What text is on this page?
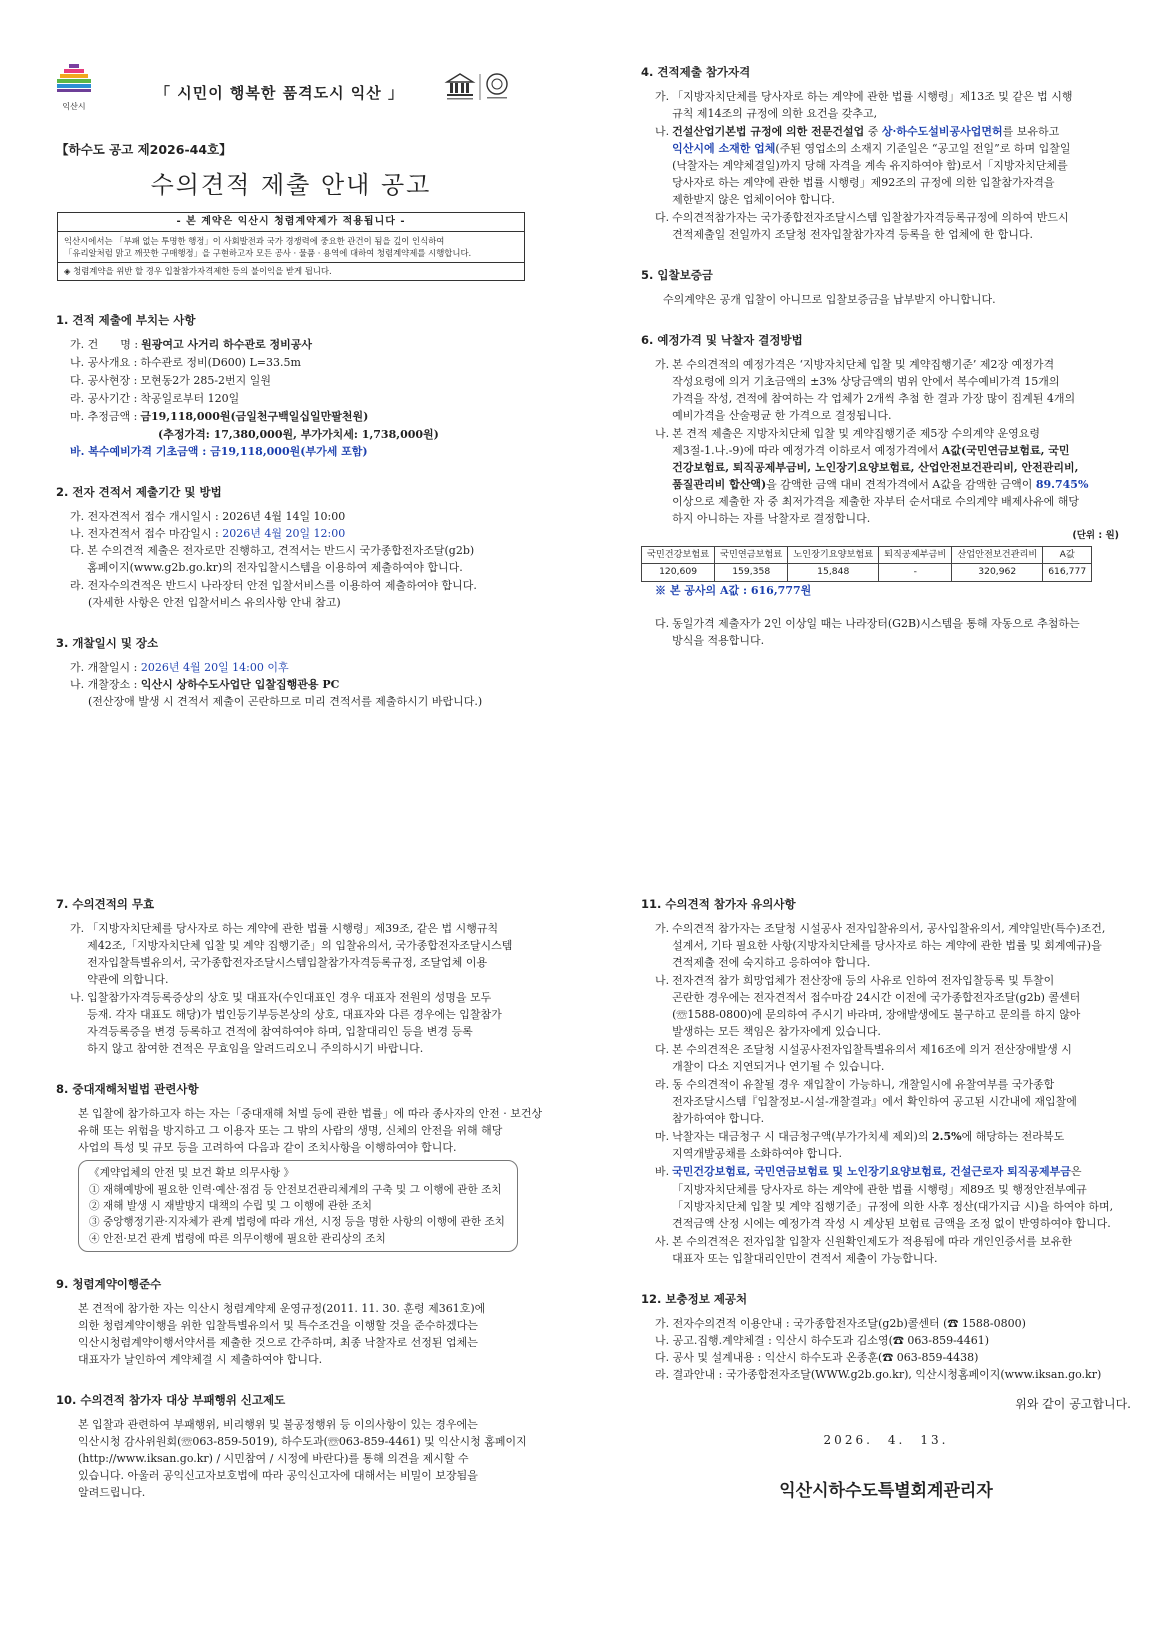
익산시
「 시민이 행복한 품격도시 익산 」
【하수도 공고 제2026-44호】
수의견적 제출 안내 공고
- 본 계약은 익산시 청렴계약제가 적용됩니다 -

익산시에서는 「부패 없는 투명한 행정」이 사회발전과 국가 경쟁력에 중요한 관건이 됨을 깊이 인식하여

「유리알처럼 맑고 깨끗한 구매행정」을 구현하고자 모든 공사 · 물품 · 용역에 대하여 청렴계약제를 시행합니다.

◈ 청렴계약을 위반 할 경우 입찰참가자격제한 등의 불이익을 받게 됩니다.

1. 견적 제출에 부치는 사항

가. 건　　명 : 원광여고 사거리 하수관로 정비공사
나. 공사개요 : 하수관로 정비(D600) L=33.5m
다. 공사현장 : 모현동2가 285-2번지 일원
라. 공사기간 : 착공일로부터 120일
마. 추정금액 : 금19,118,000원(금일천구백일십일만팔천원)

(추정가격: 17,380,000원, 부가가치세: 1,738,000원)

바. 복수예비가격 기초금액 : 금19,118,000원(부가세 포함)

2. 전자 견적서 제출기간 및 방법

가. 전자견적서 접수 개시일시 : 2026년 4월 14일 10:00

나. 전자견적서 접수 마감일시 : 2026년 4월 20일 12:00

다. 본 수의견적 제출은 전자로만 진행하고, 견적서는 반드시 국가종합전자조달(g2b)

홈페이지(www.g2b.go.kr)의 전자입찰시스템을 이용하여 제출하여야 합니다.

라. 전자수의견적은 반드시 나라장터 안전 입찰서비스를 이용하여 제출하여야 합니다.

(자세한 사항은 안전 입찰서비스 유의사항 안내 참고)

3. 개찰일시 및 장소

가. 개찰일시 : 2026년 4월 20일 14:00 이후

나. 개찰장소 : 익산시 상하수도사업단 입찰집행관용 PC

(전산장애 발생 시 견적서 제출이 곤란하므로 미리 견적서를 제출하시기 바랍니다.)

4. 견적제출 참가자격

가. 「지방자치단체를 당사자로 하는 계약에 관한 법률 시행령」제13조 및 같은 법 시행

규칙 제14조의 규정에 의한 요건을 갖추고,

나. 건설산업기본법 규정에 의한 전문건설업 중 상·하수도설비공사업면허를 보유하고

익산시에 소재한 업체(주된 영업소의 소재지 기준일은 “공고일 전일”로 하며 입찰일

(낙찰자는 계약체결일)까지 당해 자격을 계속 유지하여야 함)로서「지방자치단체를

당사자로 하는 계약에 관한 법률 시행령」제92조의 규정에 의한 입찰참가자격을

제한받지 않은 업체이어야 합니다.

다. 수의견적참가자는 국가종합전자조달시스템 입찰참가자격등록규정에 의하여 반드시

견적제출일 전일까지 조달청 전자입찰참가자격 등록을 한 업체에 한 합니다.

5. 입찰보증금

수의계약은 공개 입찰이 아니므로 입찰보증금을 납부받지 아니합니다.

6. 예정가격 및 낙찰자 결정방법

가. 본 수의견적의 예정가격은 ‘지방자치단체 입찰 및 계약집행기준’ 제2장 예정가격

작성요령에 의거 기초금액의 ±3% 상당금액의 범위 안에서 복수예비가격 15개의

가격을 작성, 견적에 참여하는 각 업체가 2개씩 추첨 한 결과 가장 많이 집계된 4개의

예비가격을 산술평균 한 가격으로 결정됩니다.

나. 본 견적 제출은 지방자치단체 입찰 및 계약집행기준 제5장 수의계약 운영요령

제3절-1.나.-9)에 따라 예정가격 이하로서 예정가격에서 A값(국민연금보험료, 국민

건강보험료, 퇴직공제부금비, 노인장기요양보험료, 산업안전보건관리비, 안전관리비,

품질관리비 합산액)을 감액한 금액 대비 견적가격에서 A값을 감액한 금액이 89.745%

이상으로 제출한 자 중 최저가격을 제출한 자부터 순서대로 수의계약 배제사유에 해당

하지 아니하는 자를 낙찰자로 결정합니다.

(단위 : 원)
국민건강보험료	국민연금보험료	노인장기요양보험료	퇴직공제부금비	산업안전보건관리비	A값
120,609	159,358	15,848	-	320,962	616,777

※ 본 공사의 A값 : 616,777원

다. 동일가격 제출자가 2인 이상일 때는 나라장터(G2B)시스템을 통해 자동으로 추첨하는

방식을 적용합니다.

7. 수의견적의 무효

가. 「지방자치단체를 당사자로 하는 계약에 관한 법률 시행령」제39조, 같은 법 시행규칙

제42조,「지방자치단체 입찰 및 계약 집행기준」의 입찰유의서, 국가종합전자조달시스템

전자입찰특별유의서, 국가종합전자조달시스템입찰참가자격등록규정, 조달업체 이용

약관에 의합니다.

나. 입찰참가자격등록증상의 상호 및 대표자(수인대표인 경우 대표자 전원의 성명을 모두

등재. 각자 대표도 해당)가 법인등기부등본상의 상호, 대표자와 다른 경우에는 입찰참가

자격등록증을 변경 등록하고 견적에 참여하여야 하며, 입찰대리인 등을 변경 등록

하지 않고 참여한 견적은 무효임을 알려드리오니 주의하시기 바랍니다.

8. 중대재해처벌법 관련사항

본 입찰에 참가하고자 하는 자는「중대재해 처벌 등에 관한 법률」에 따라 종사자의 안전 · 보건상

유해 또는 위험을 방지하고 그 이용자 또는 그 밖의 사람의 생명, 신체의 안전을 위해 해당

사업의 특성 및 규모 등을 고려하여 다음과 같이 조치사항을 이행하여야 합니다.

《계약업체의 안전 및 보건 확보 의무사항 》

① 재해예방에 필요한 인력·예산·점검 등 안전보건관리체계의 구축 및 그 이행에 관한 조치

② 재해 발생 시 재발방지 대책의 수립 및 그 이행에 관한 조치

③ 중앙행정기관·지자체가 관계 법령에 따라 개선, 시정 등을 명한 사항의 이행에 관한 조치

④ 안전·보건 관계 법령에 따른 의무이행에 필요한 관리상의 조치

9. 청렴계약이행준수

본 견적에 참가한 자는 익산시 청렴계약제 운영규정(2011. 11. 30. 훈령 제361호)에

의한 청렴계약이행을 위한 입찰특별유의서 및 특수조건을 이행할 것을 준수하겠다는

익산시청렴계약이행서약서를 제출한 것으로 간주하며, 최종 낙찰자로 선정된 업체는

대표자가 날인하여 계약체결 시 제출하여야 합니다.

10. 수의견적 참가자 대상 부패행위 신고제도

본 입찰과 관련하여 부패행위, 비리행위 및 불공정행위 등 이의사항이 있는 경우에는

익산시청 감사위원회(☏063-859-5019), 하수도과(☏063-859-4461) 및 익산시청 홈페이지

(http://www.iksan.go.kr) / 시민참여 / 시정에 바란다)를 통해 의견을 제시할 수

있습니다. 아울러 공익신고자보호법에 따라 공익신고자에 대해서는 비밀이 보장됨을

알려드립니다.

11. 수의견적 참가자 유의사항

가. 수의견적 참가자는 조달청 시설공사 전자입찰유의서, 공사입찰유의서, 계약일반(특수)조건,

설계서, 기타 필요한 사항(지방자치단체를 당사자로 하는 계약에 관한 법률 및 회계예규)을

견적제출 전에 숙지하고 응하여야 합니다.

나. 전자견적 참가 희망업체가 전산장애 등의 사유로 인하여 전자입찰등록 및 투찰이

곤란한 경우에는 전자견적서 접수마감 24시간 이전에 국가종합전자조달(g2b) 콜센터

(☏1588-0800)에 문의하여 주시기 바라며, 장애발생에도 불구하고 문의를 하지 않아

발생하는 모든 책임은 참가자에게 있습니다.

다. 본 수의견적은 조달청 시설공사전자입찰특별유의서 제16조에 의거 전산장애발생 시

개찰이 다소 지연되거나 연기될 수 있습니다.

라. 동 수의견적이 유찰될 경우 재입찰이 가능하니, 개찰일시에 유찰여부를 국가종합

전자조달시스템『입찰정보-시설-개찰결과』에서 확인하여 공고된 시간내에 재입찰에

참가하여야 합니다.

마. 낙찰자는 대금청구 시 대금청구액(부가가치세 제외)의 2.5%에 해당하는 전라북도

지역개발공채를 소화하여야 합니다.

바. 국민건강보험료, 국민연금보험료 및 노인장기요양보험료, 건설근로자 퇴직공제부금은

「지방자치단체를 당사자로 하는 계약에 관한 법률 시행령」제89조 및 행정안전부예규

「지방자치단체 입찰 및 계약 집행기준」규정에 의한 사후 정산(대가지급 시)을 하여야 하며,

견적금액 산정 시에는 예정가격 작성 시 계상된 보험료 금액을 조정 없이 반영하여야 합니다.

사. 본 수의견적은 전자입찰 입찰자 신원확인제도가 적용됨에 따라 개인인증서를 보유한

대표자 또는 입찰대리인만이 견적서 제출이 가능합니다.

12. 보충정보 제공처

가. 전자수의견적 이용안내 : 국가종합전자조달(g2b)콜센터 (☎ 1588-0800)

나. 공고.집행.계약체결 : 익산시 하수도과 김소영(☎ 063-859-4461)

다. 공사 및 설계내용 : 익산시 하수도과 온종훈(☎ 063-859-4438)

라. 결과안내 : 국가종합전자조달(WWW.g2b.go.kr), 익산시청홈페이지(www.iksan.go.kr)

위와 같이 공고합니다.
2026.　4.　13.
익산시하수도특별회계관리자
